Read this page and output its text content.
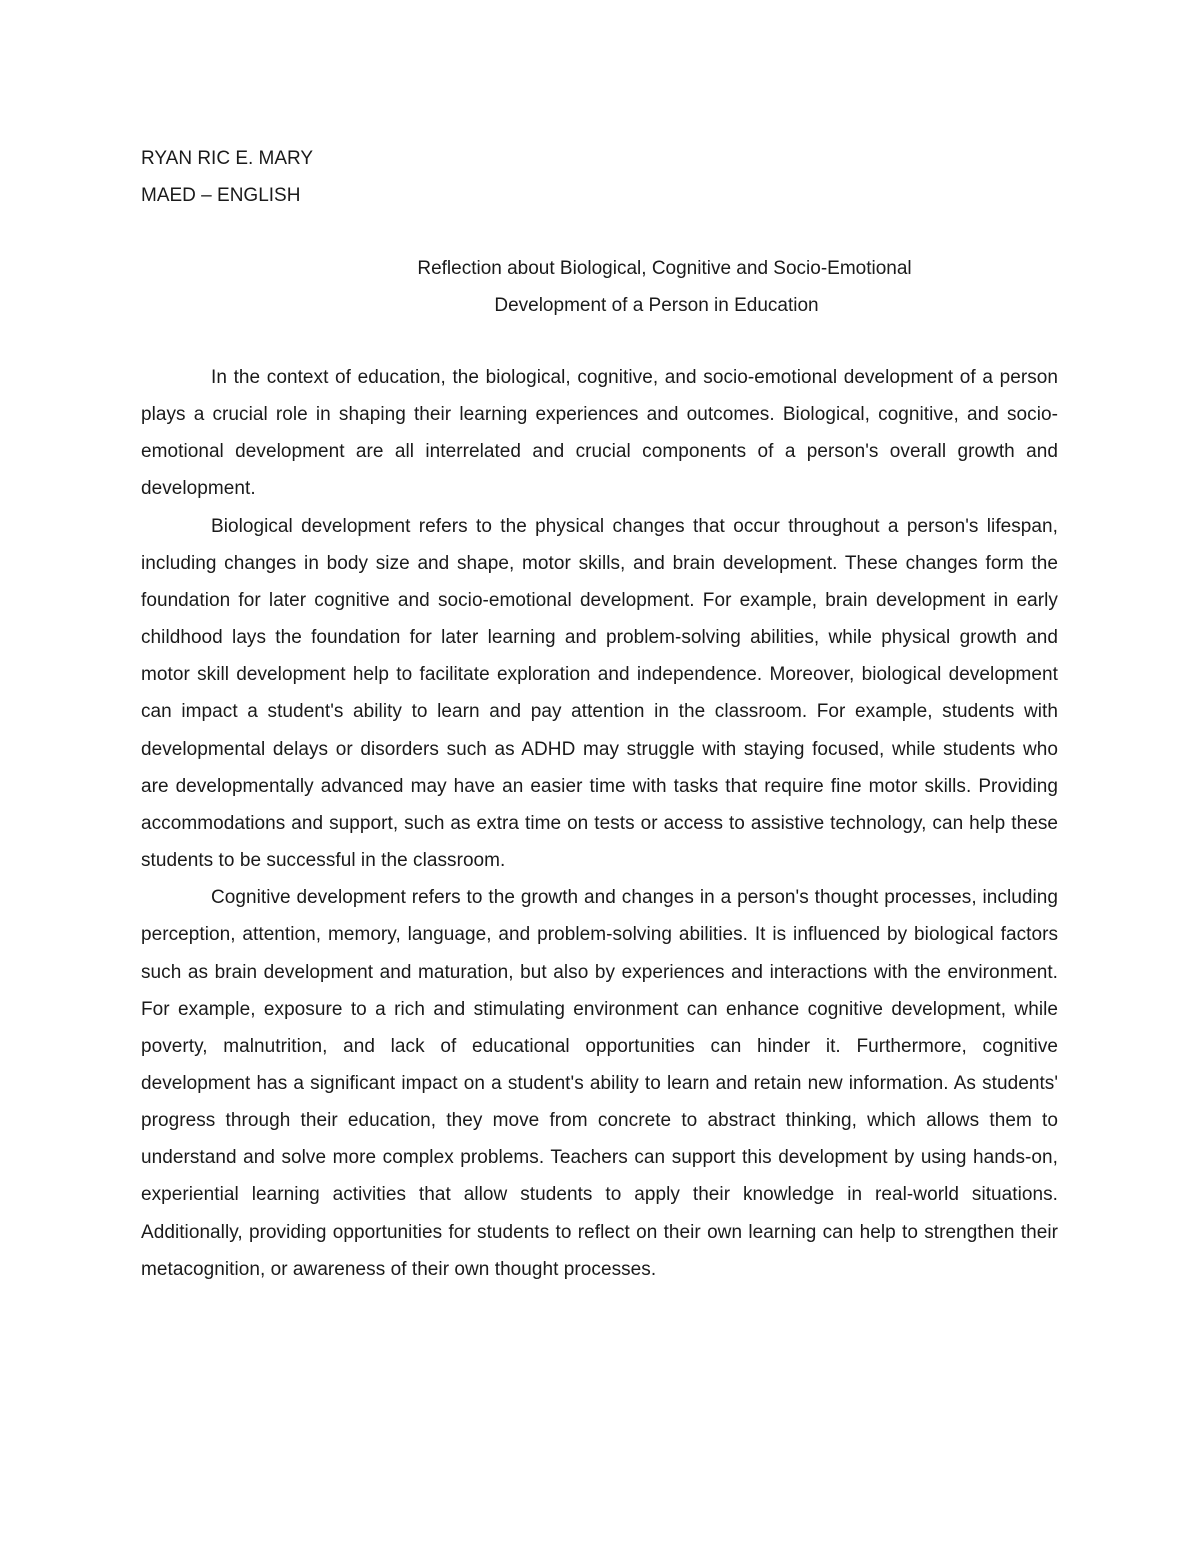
RYAN RIC E. MARY
MAED – ENGLISH
Reflection about Biological, Cognitive and Socio-Emotional
Development of a Person in Education

In the context of education, the biological, cognitive, and socio-emotional development of a person plays a crucial role in shaping their learning experiences and outcomes. Biological, cognitive, and socio-emotional development are all interrelated and crucial components of a person's overall growth and development.

Biological development refers to the physical changes that occur throughout a person's lifespan, including changes in body size and shape, motor skills, and brain development. These changes form the foundation for later cognitive and socio-emotional development. For example, brain development in early childhood lays the foundation for later learning and problem-solving abilities, while physical growth and motor skill development help to facilitate exploration and independence. Moreover, biological development can impact a student's ability to learn and pay attention in the classroom. For example, students with developmental delays or disorders such as ADHD may struggle with staying focused, while students who are developmentally advanced may have an easier time with tasks that require fine motor skills. Providing accommodations and support, such as extra time on tests or access to assistive technology, can help these students to be successful in the classroom.

Cognitive development refers to the growth and changes in a person's thought processes, including perception, attention, memory, language, and problem-solving abilities. It is influenced by biological factors such as brain development and maturation, but also by experiences and interactions with the environment. For example, exposure to a rich and stimulating environment can enhance cognitive development, while poverty, malnutrition, and lack of educational opportunities can hinder it. Furthermore, cognitive development has a significant impact on a student's ability to learn and retain new information. As students' progress through their education, they move from concrete to abstract thinking, which allows them to understand and solve more complex problems. Teachers can support this development by using hands-on, experiential learning activities that allow students to apply their knowledge in real-world situations. Additionally, providing opportunities for students to reflect on their own learning can help to strengthen their metacognition, or awareness of their own thought processes.
